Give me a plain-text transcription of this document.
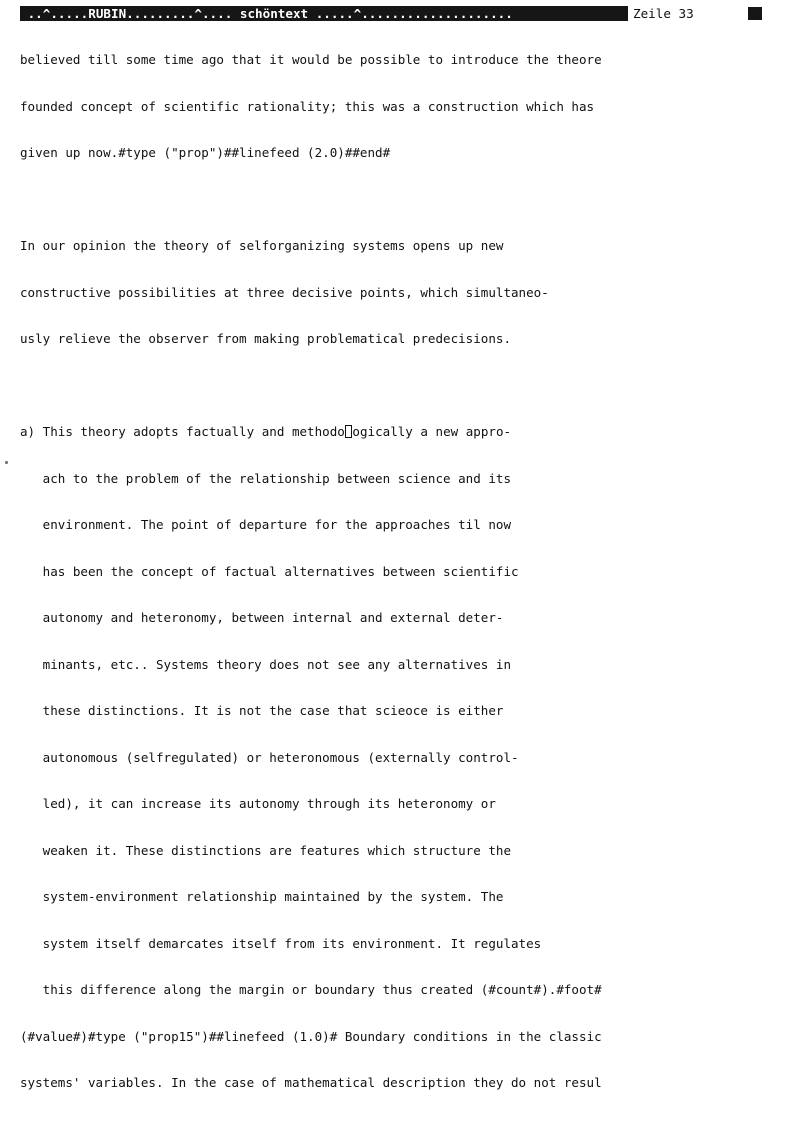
..^.....RUBIN.........^.... schöntext .....^....................	Zeile 33

believed till some time ago that it would be possible to introduce the theore

founded concept of scientific rationality; this was a construction which has

given up now.#type ("prop")##linefeed (2.0)##end#

In our opinion the theory of selforganizing systems opens up new

constructive possibilities at three decisive points, which simultaneo-

usly relieve the observer from making problematical predecisions.

a) This theory adopts factually and methodo ogically a new appro-

ach to the problem of the relationship between science and its

environment. The point of departure for the approaches til now

has been the concept of factual alternatives between scientific

autonomy and heteronomy, between internal and external deter-

minants, etc.. Systems theory does not see any alternatives in

these distinctions. It is not the case that scieoce is either

autonomous (selfregulated) or heteronomous (externally control-

led), it can increase its autonomy through its heteronomy or

weaken it. These distinctions are features which structure the

system-environment relationship maintained by the system. The

system itself demarcates itself from its environment. It regulates

this difference along the margin or boundary thus created (#count#).#foot#

(#value#)#type ("prop15")##linefeed (1.0)# Boundary conditions in the classic

systems' variables. In the case of mathematical description they do not resul
